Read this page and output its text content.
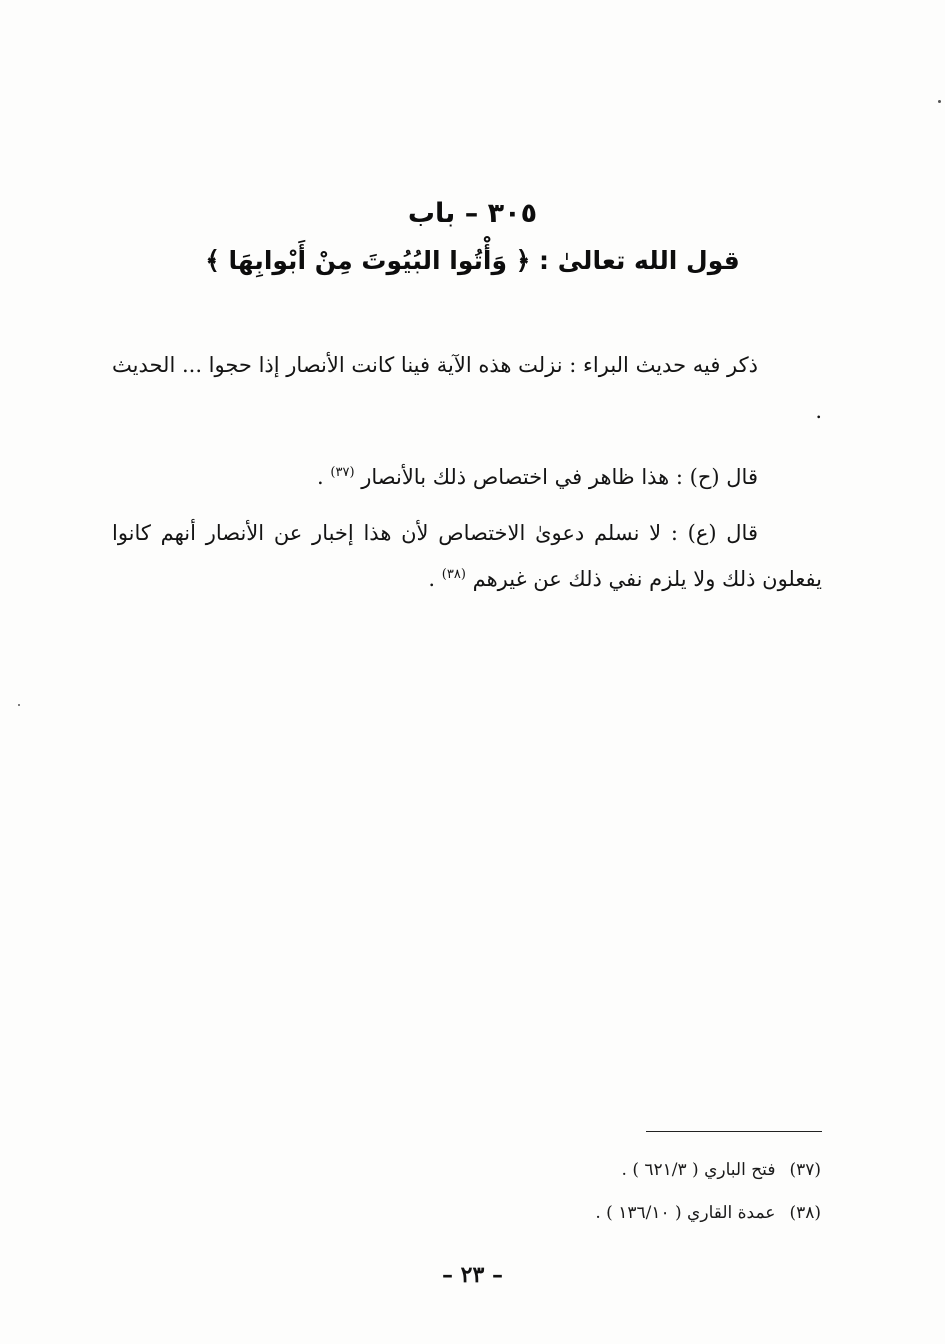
٣٠٥ – باب
قول الله تعالىٰ : ﴿ وَأْتُوا البُيُوتَ مِنْ أَبْوابِهَا ﴾
ذكر فيه حديث البراء : نزلت هذه الآية فينا كانت الأنصار إذا حجوا ... الحديث .
قال (ح) : هذا ظاهر في اختصاص ذلك بالأنصار $^{(٣٧)}$ .
قال (ع) : لا نسلم دعوىٰ الاختصاص لأن هذا إخبار عن الأنصار أنهم كانوا يفعلون ذلك ولا يلزم نفي ذلك عن غيرهم $^{(٣٨)}$ .
(٣٧)فتح الباري ( ٦٢١/٣ ) .
(٣٨)عمدة القاري ( ١٣٦/١٠ ) .
– ٢٣ –
